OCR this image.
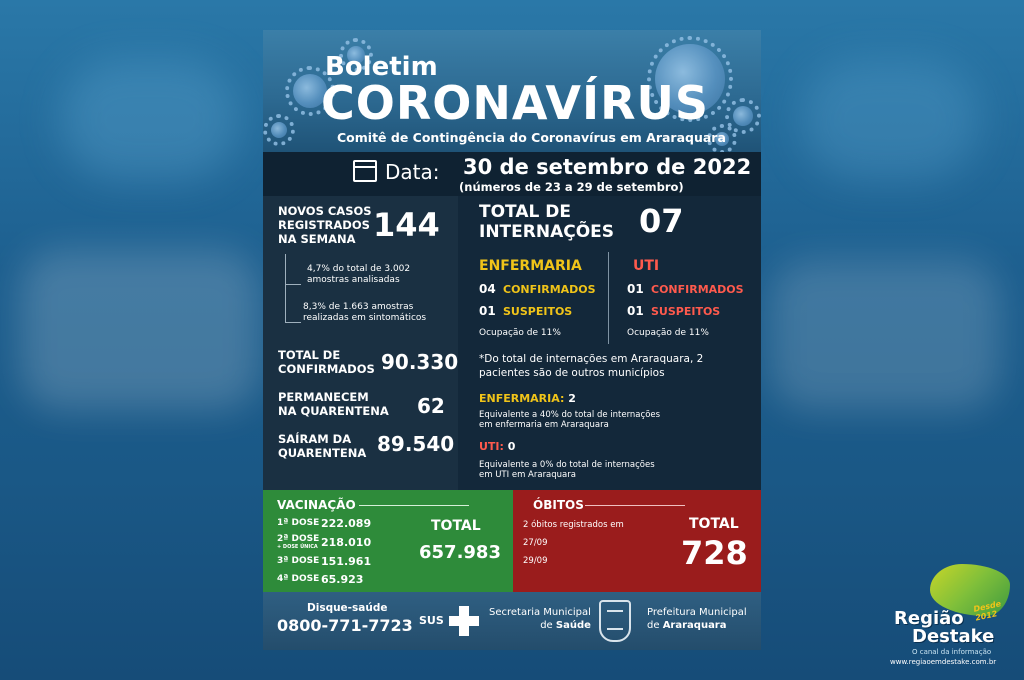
Boletim
CORONAVÍRUS
Comitê de Contingência do Coronavírus em Araraquara
Data: 30 de setembro de 2022
(números de 23 a 29 de setembro)
NOVOS CASOS
REGISTRADOS
NA SEMANA 144
4,7% do total de 3.002
amostras analisadas
8,3% de 1.663 amostras
realizadas em sintomáticos
TOTAL DE
CONFIRMADOS 90.330
PERMANECEM
NA QUARENTENA 62
SAÍRAM DA
QUARENTENA 89.540
TOTAL DE
INTERNAÇÕES 07
ENFERMARIA
04 CONFIRMADOS
01 SUSPEITOS
Ocupação de 11%
UTI
01 CONFIRMADOS
01 SUSPEITOS
Ocupação de 11%
*Do total de internações em Araraquara, 2
pacientes são de outros municípios
ENFERMARIA: 2
Equivalente a 40% do total de internações
em enfermaria em Araraquara
UTI: 0
Equivalente a 0% do total de internações
em UTI em Araraquara
VACINAÇÃO
1ª DOSE 222.089
2ª DOSE
+ DOSE ÚNICA 218.010
3ª DOSE 151.961
4ª DOSE 65.923
TOTAL
657.983
ÓBITOS
2 óbitos registrados em
27/09
29/09
TOTAL
728
Disque-saúde
0800-771-7723 SUS
Secretaria Municipal
de Saúde
Prefeitura Municipal
de Araraquara
Desde 2012
Região
Destake
O canal da informação
www.regiaoemdestake.com.br
